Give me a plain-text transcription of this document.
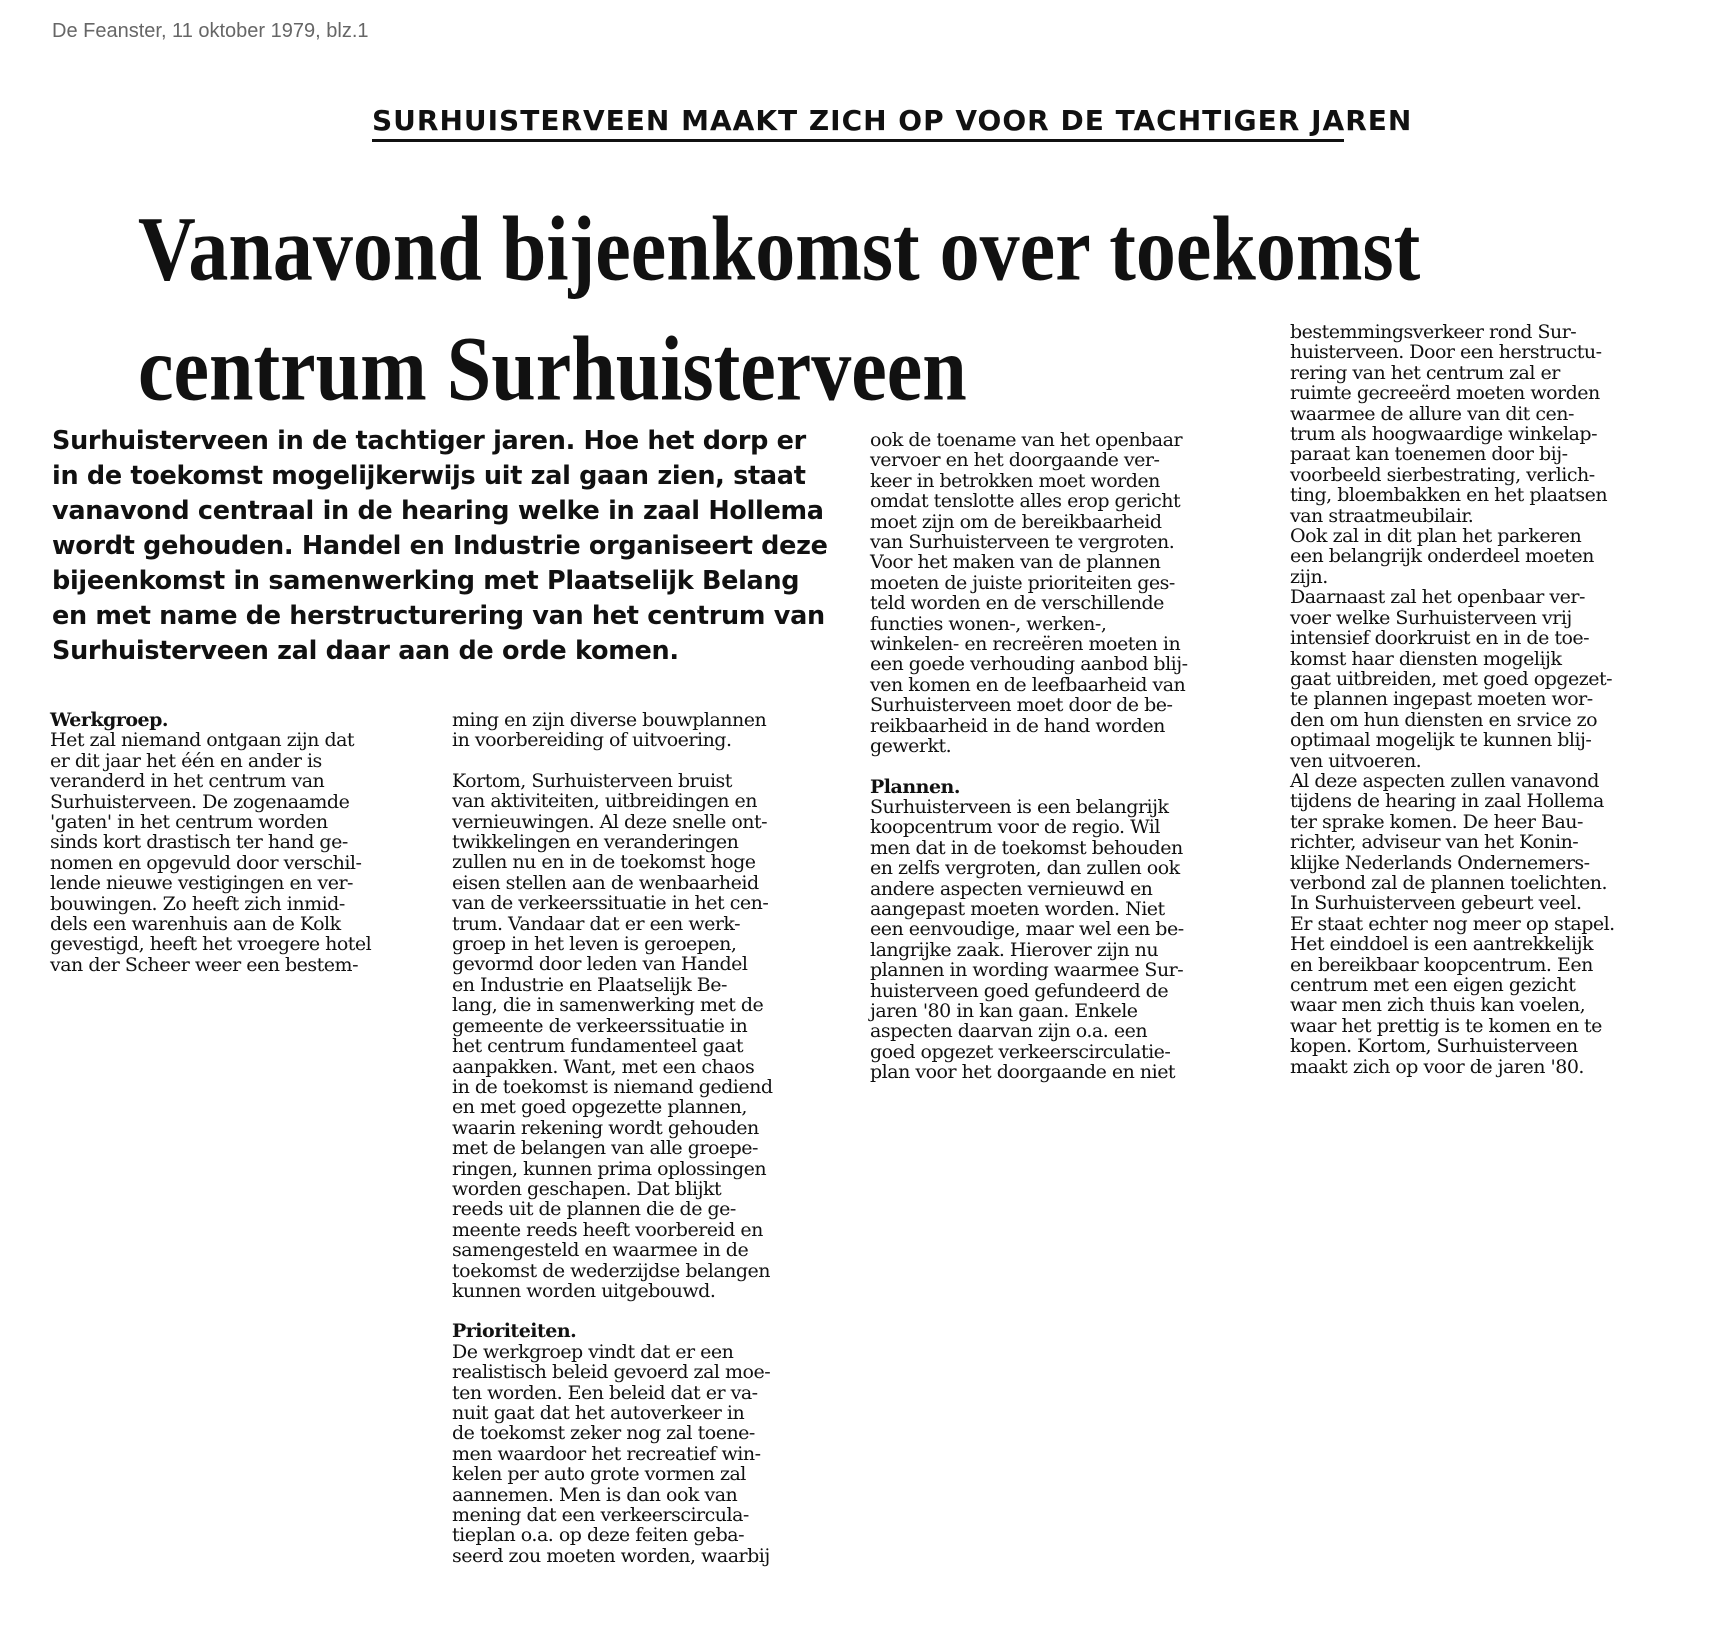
De Feanster, 11 oktober 1979, blz.1
SURHUISTERVEEN MAAKT ZICH OP VOOR DE TACHTIGER JAREN
Vanavond bijeenkomst over toekomst
centrum Surhuisterveen
Surhuisterveen in de tachtiger jaren. Hoe het dorp er
in de toekomst mogelijkerwijs uit zal gaan zien, staat
vanavond centraal in de hearing welke in zaal Hollema
wordt gehouden. Handel en Industrie organiseert deze
bijeenkomst in samenwerking met Plaatselijk Belang
en met name de herstructurering van het centrum van
Surhuisterveen zal daar aan de orde komen.
Werkgroep.
Het zal niemand ontgaan zijn dat
er dit jaar het één en ander is
veranderd in het centrum van
Surhuisterveen. De zogenaamde
'gaten' in het centrum worden
sinds kort drastisch ter hand ge-
nomen en opgevuld door verschil-
lende nieuwe vestigingen en ver-
bouwingen. Zo heeft zich inmid-
dels een warenhuis aan de Kolk
gevestigd, heeft het vroegere hotel
van der Scheer weer een bestem-
ming en zijn diverse bouwplannen
in voorbereiding of uitvoering.
Kortom, Surhuisterveen bruist
van aktiviteiten, uitbreidingen en
vernieuwingen. Al deze snelle ont-
twikkelingen en veranderingen
zullen nu en in de toekomst hoge
eisen stellen aan de wenbaarheid
van de verkeerssituatie in het cen-
trum. Vandaar dat er een werk-
groep in het leven is geroepen,
gevormd door leden van Handel
en Industrie en Plaatselijk Be-
lang, die in samenwerking met de
gemeente de verkeerssituatie in
het centrum fundamenteel gaat
aanpakken. Want, met een chaos
in de toekomst is niemand gediend
en met goed opgezette plannen,
waarin rekening wordt gehouden
met de belangen van alle groepe-
ringen, kunnen prima oplossingen
worden geschapen. Dat blijkt
reeds uit de plannen die de ge-
meente reeds heeft voorbereid en
samengesteld en waarmee in de
toekomst de wederzijdse belangen
kunnen worden uitgebouwd.
Prioriteiten.
De werkgroep vindt dat er een
realistisch beleid gevoerd zal moe-
ten worden. Een beleid dat er va-
nuit gaat dat het autoverkeer in
de toekomst zeker nog zal toene-
men waardoor het recreatief win-
kelen per auto grote vormen zal
aannemen. Men is dan ook van
mening dat een verkeerscircula-
tieplan o.a. op deze feiten geba-
seerd zou moeten worden, waarbij
ook de toename van het openbaar
vervoer en het doorgaande ver-
keer in betrokken moet worden
omdat tenslotte alles erop gericht
moet zijn om de bereikbaarheid
van Surhuisterveen te vergroten.
Voor het maken van de plannen
moeten de juiste prioriteiten ges-
teld worden en de verschillende
functies wonen-, werken-,
winkelen- en recreëren moeten in
een goede verhouding aanbod blij-
ven komen en de leefbaarheid van
Surhuisterveen moet door de be-
reikbaarheid in de hand worden
gewerkt.
Plannen.
Surhuisterveen is een belangrijk
koopcentrum voor de regio. Wil
men dat in de toekomst behouden
en zelfs vergroten, dan zullen ook
andere aspecten vernieuwd en
aangepast moeten worden. Niet
een eenvoudige, maar wel een be-
langrijke zaak. Hierover zijn nu
plannen in wording waarmee Sur-
huisterveen goed gefundeerd de
jaren '80 in kan gaan. Enkele
aspecten daarvan zijn o.a. een
goed opgezet verkeerscirculatie-
plan voor het doorgaande en niet
bestemmingsverkeer rond Sur-
huisterveen. Door een herstructu-
rering van het centrum zal er
ruimte gecreeërd moeten worden
waarmee de allure van dit cen-
trum als hoogwaardige winkelap-
paraat kan toenemen door bij-
voorbeeld sierbestrating, verlich-
ting, bloembakken en het plaatsen
van straatmeubilair.
Ook zal in dit plan het parkeren
een belangrijk onderdeel moeten
zijn.
Daarnaast zal het openbaar ver-
voer welke Surhuisterveen vrij
intensief doorkruist en in de toe-
komst haar diensten mogelijk
gaat uitbreiden, met goed opgezet-
te plannen ingepast moeten wor-
den om hun diensten en srvice zo
optimaal mogelijk te kunnen blij-
ven uitvoeren.
Al deze aspecten zullen vanavond
tijdens de hearing in zaal Hollema
ter sprake komen. De heer Bau-
richter, adviseur van het Konin-
klijke Nederlands Ondernemers-
verbond zal de plannen toelichten.
In Surhuisterveen gebeurt veel.
Er staat echter nog meer op stapel.
Het einddoel is een aantrekkelijk
en bereikbaar koopcentrum. Een
centrum met een eigen gezicht
waar men zich thuis kan voelen,
waar het prettig is te komen en te
kopen. Kortom, Surhuisterveen
maakt zich op voor de jaren '80.
